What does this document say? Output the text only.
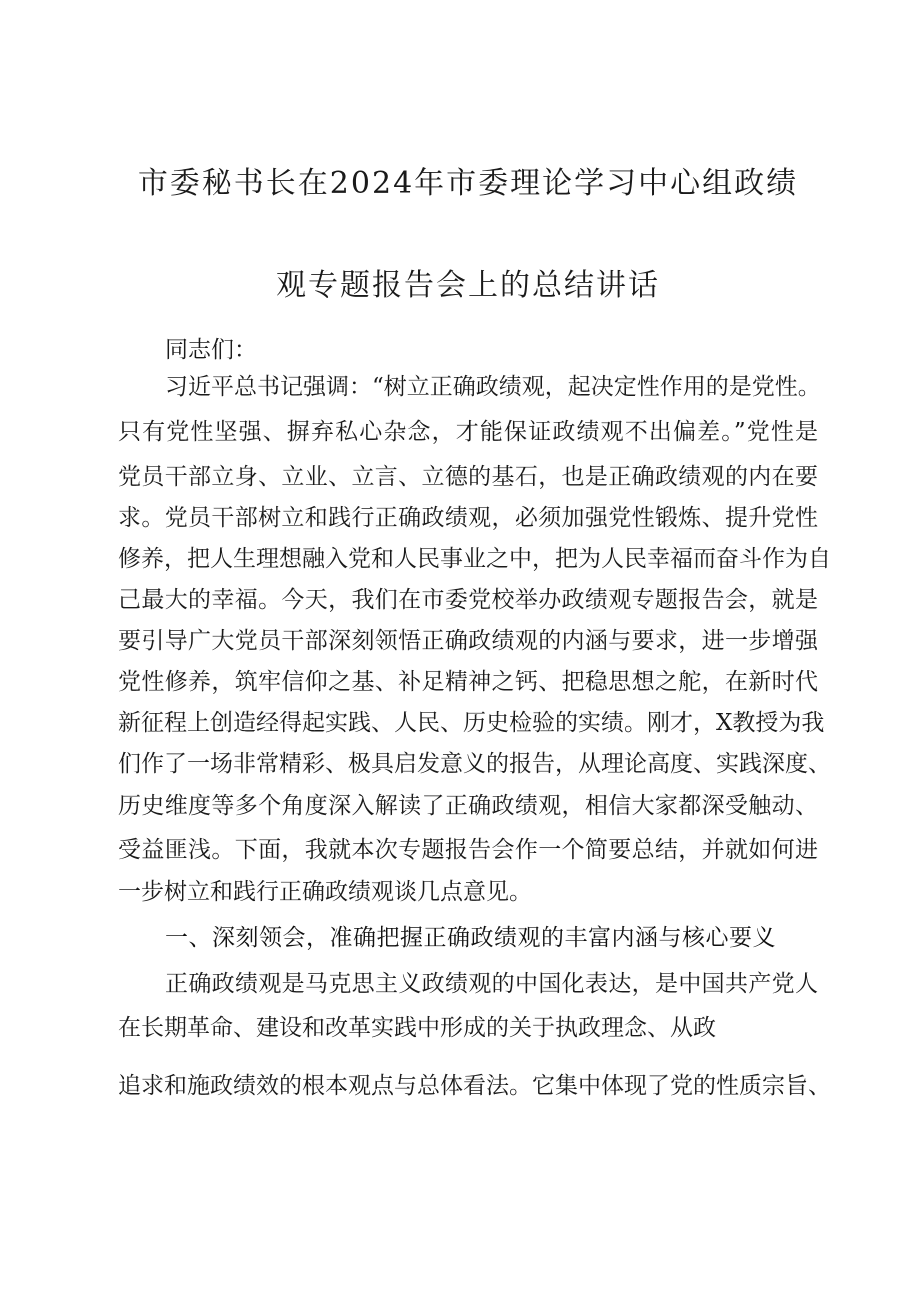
市委秘书长在2024年市委理论学习中心组政绩
观专题报告会上的总结讲话
同志们：
习近平总书记强调：“树立正确政绩观，起决定性作用的是党性。
只有党性坚强、摒弃私心杂念，才能保证政绩观不出偏差。”党性是
党员干部立身、立业、立言、立德的基石，也是正确政绩观的内在要
求。党员干部树立和践行正确政绩观，必须加强党性锻炼、提升党性
修养，把人生理想融入党和人民事业之中，把为人民幸福而奋斗作为自
己最大的幸福。今天，我们在市委党校举办政绩观专题报告会，就是
要引导广大党员干部深刻领悟正确政绩观的内涵与要求，进一步增强
党性修养，筑牢信仰之基、补足精神之钙、把稳思想之舵，在新时代
新征程上创造经得起实践、人民、历史检验的实绩。刚才，X教授为我
们作了一场非常精彩、极具启发意义的报告，从理论高度、实践深度、
历史维度等多个角度深入解读了正确政绩观，相信大家都深受触动、
受益匪浅。下面，我就本次专题报告会作一个简要总结，并就如何进
一步树立和践行正确政绩观谈几点意见。
一、深刻领会，准确把握正确政绩观的丰富内涵与核心要义
正确政绩观是马克思主义政绩观的中国化表达，是中国共产党人
在长期革命、建设和改革实践中形成的关于执政理念、从政
追求和施政绩效的根本观点与总体看法。它集中体现了党的性质宗旨、
